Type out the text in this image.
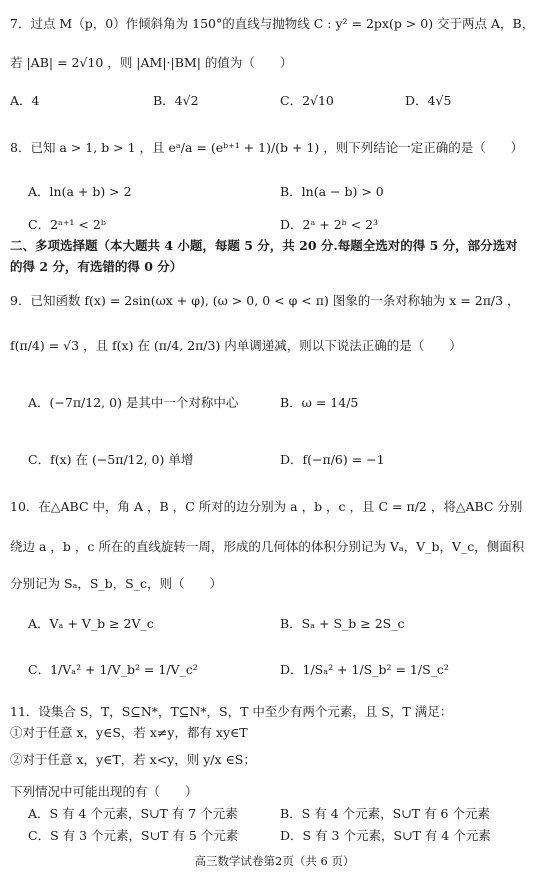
7．过点 M（p，0）作倾斜角为 150°的直线与抛物线 C : y² = 2px(p > 0) 交于两点 A，B，
若 |AB| = 2√10 ，则 |AM|·|BM| 的值为（　　）
A．4	B．4√2	C．2√10	D．4√5
8．已知 a > 1, b > 1 ，且 eᵃ/a = (eᵇ⁺¹ + 1)/(b + 1) ，则下列结论一定正确的是（　　）
A．ln(a + b) > 2	B．ln(a − b) > 0
C．2ᵃ⁺¹ < 2ᵇ	D．2ᵃ + 2ᵇ < 2³
二、多项选择题（本大题共 4 小题，每题 5 分，共 20 分.每题全选对的得 5 分，部分选对
的得 2 分，有选错的得 0 分）
9．已知函数 f(x) = 2sin(ωx + φ), (ω > 0, 0 < φ < π) 图象的一条对称轴为 x = 2π/3 ，
f(π/4) = √3 ，且 f(x) 在 (π/4, 2π/3) 内单调递减，则以下说法正确的是（　　）
A．(−7π/12, 0) 是其中一个对称中心	B．ω = 14/5
C．f(x) 在 (−5π/12, 0) 单增	D．f(−π/6) = −1
10．在△ABC 中，角 A ，B ，C 所对的边分别为 a ，b ，c ，且 C = π/2 ，将△ABC 分别
绕边 a ，b ，c 所在的直线旋转一周，形成的几何体的体积分别记为 Vₐ，V_b，V_c，侧面积
分别记为 Sₐ，S_b，S_c，则（　　）
A．Vₐ + V_b ≥ 2V_c	B．Sₐ + S_b ≥ 2S_c
C．1/Vₐ² + 1/V_b² = 1/V_c²	D．1/Sₐ² + 1/S_b² = 1/S_c²
11．设集合 S，T，S⊆N*，T⊆N*，S，T 中至少有两个元素，且 S，T 满足：
①对于任意 x，y∈S，若 x≠y，都有 xy∈T
②对于任意 x，y∈T，若 x<y，则 y/x ∈S；
下列情况中可能出现的有（　　）
A．S 有 4 个元素，S∪T 有 7 个元素	B．S 有 4 个元素，S∪T 有 6 个元素
C．S 有 3 个元素，S∪T 有 5 个元素	D．S 有 3 个元素，S∪T 有 4 个元素
高三数学试卷第2页（共 6 页）
